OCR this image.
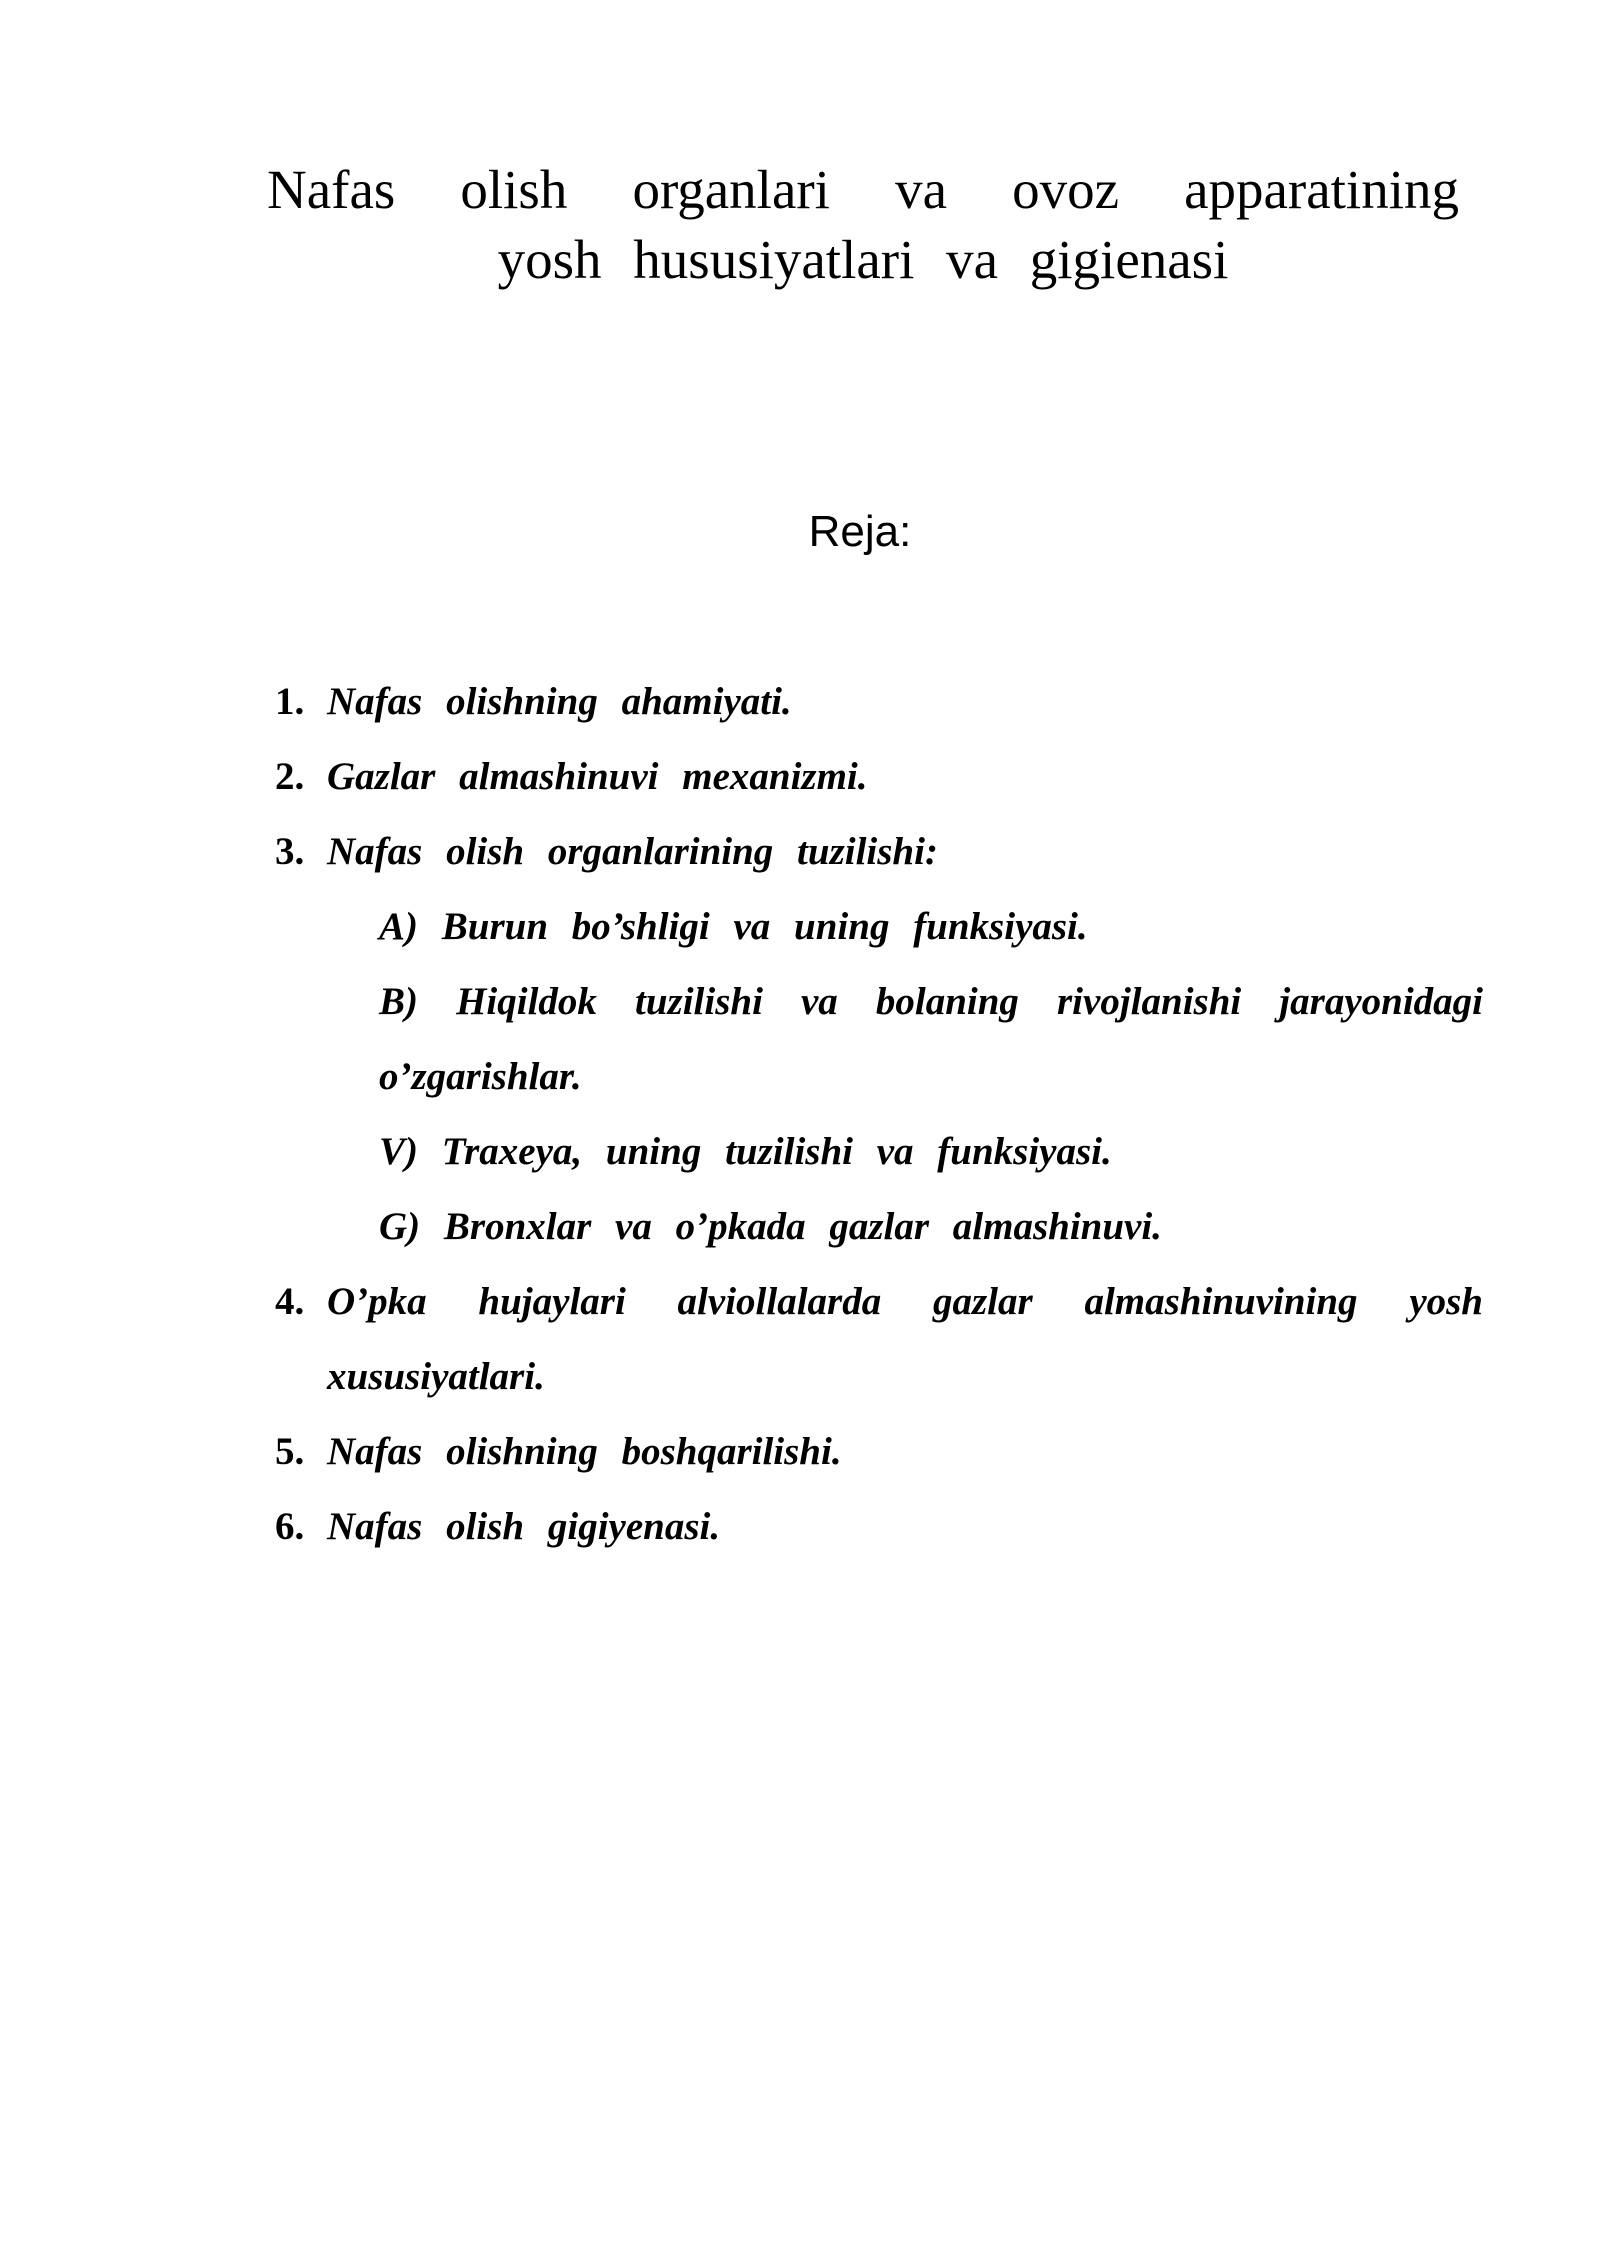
Nafas olish organlari va ovoz apparatining
yosh hususiyatlari va gigienasi
Reja:
1. Nafas olishning ahamiyati.
2. Gazlar almashinuvi mexanizmi.
3. Nafas olish organlarining tuzilishi:
A) Burun bo’shligi va uning funksiyasi.
B) Hiqildok tuzilishi va bolaning rivojlanishi jarayonidagi
o’zgarishlar.
V) Traxeya, uning tuzilishi va funksiyasi.
G) Bronxlar va o’pkada gazlar almashinuvi.
4. O’pka hujaylari alviollalarda gazlar almashinuvining yosh
xususiyatlari.
5. Nafas olishning boshqarilishi.
6. Nafas olish gigiyenasi.
